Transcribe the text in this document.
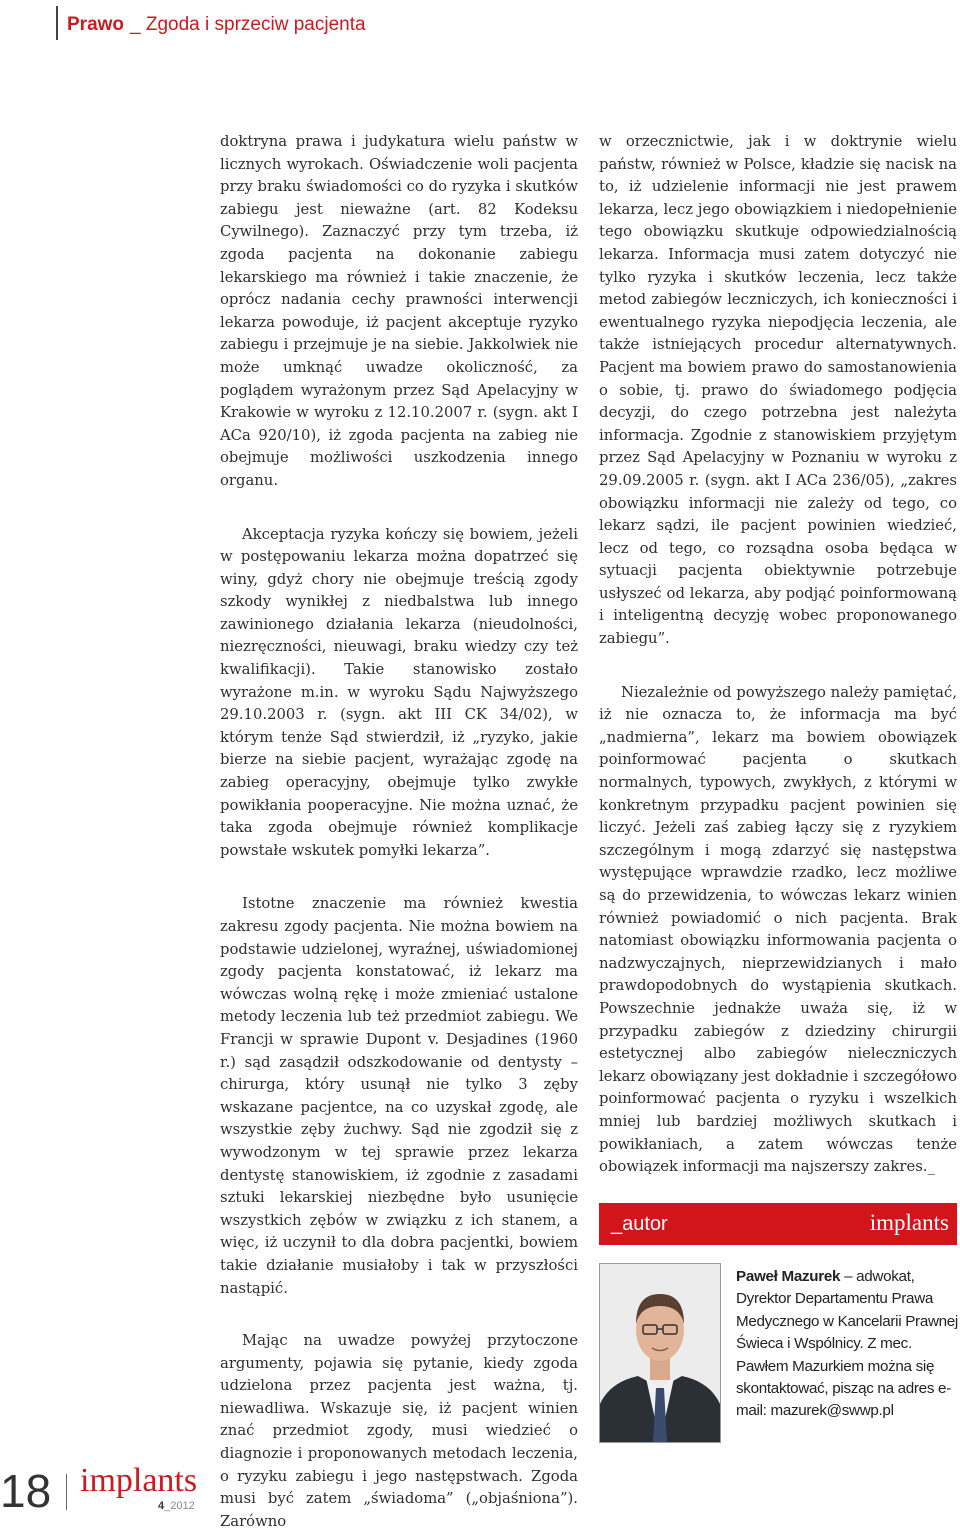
Prawo _ Zgoda i sprzeciw pacjenta

doktryna prawa i judykatura wielu państw w licznych wyrokach. Oświadczenie woli pacjenta przy braku świadomości co do ryzyka i skutków zabiegu jest nieważne (art. 82 Kodeksu Cywilnego). Zaznaczyć przy tym trzeba, iż zgoda pacjenta na dokonanie zabiegu lekarskiego ma również i takie znaczenie, że oprócz nadania cechy prawności interwencji lekarza powoduje, iż pacjent akceptuje ryzyko zabiegu i przejmuje je na siebie. Jakkolwiek nie może umknąć uwadze okoliczność, za poglądem wyrażonym przez Sąd Apelacyjny w Krakowie w wyroku z 12.10.2007 r. (sygn. akt I ACa 920/10), iż zgoda pacjenta na zabieg nie obejmuje możliwości uszkodzenia innego organu.

Akceptacja ryzyka kończy się bowiem, jeżeli w postępowaniu lekarza można dopatrzeć się winy, gdyż chory nie obejmuje treścią zgody szkody wynikłej z niedbalstwa lub innego zawinionego działania lekarza (nieudolności, niezręczności, nieuwagi, braku wiedzy czy też kwalifikacji). Takie stanowisko zostało wyrażone m.in. w wyroku Sądu Najwyższego 29.10.2003 r. (sygn. akt III CK 34/02), w którym tenże Sąd stwierdził, iż „ryzyko, jakie bierze na siebie pacjent, wyrażając zgodę na zabieg operacyjny, obejmuje tylko zwykłe powikłania pooperacyjne. Nie można uznać, że taka zgoda obejmuje również komplikacje powstałe wskutek pomyłki lekarza”.

Istotne znaczenie ma również kwestia zakresu zgody pacjenta. Nie można bowiem na podstawie udzielonej, wyraźnej, uświadomionej zgody pacjenta konstatować, iż lekarz ma wówczas wolną rękę i może zmieniać ustalone metody leczenia lub też przedmiot zabiegu. We Francji w sprawie Dupont v. Desjadines (1960 r.) sąd zasądził odszkodowanie od dentysty – chirurga, który usunął nie tylko 3 zęby wskazane pacjentce, na co uzyskał zgodę, ale wszystkie zęby żuchwy. Sąd nie zgodził się z wywodzonym w tej sprawie przez lekarza dentystę stanowiskiem, iż zgodnie z zasadami sztuki lekarskiej niezbędne było usunięcie wszystkich zębów w związku z ich stanem, a więc, iż uczynił to dla dobra pacjentki, bowiem takie działanie musiałoby i tak w przyszłości nastąpić.

Mając na uwadze powyżej przytoczone argumenty, pojawia się pytanie, kiedy zgoda udzielona przez pacjenta jest ważna, tj. niewadliwa. Wskazuje się, iż pacjent winien znać przedmiot zgody, musi wiedzieć o diagnozie i proponowanych metodach leczenia, o ryzyku zabiegu i jego następstwach. Zgoda musi być zatem „świadoma” („objaśniona”). Zarówno

w orzecznictwie, jak i w doktrynie wielu państw, również w Polsce, kładzie się nacisk na to, iż udzielenie informacji nie jest prawem lekarza, lecz jego obowiązkiem i niedopełnienie tego obowiązku skutkuje odpowiedzialnością lekarza. Informacja musi zatem dotyczyć nie tylko ryzyka i skutków leczenia, lecz także metod zabiegów leczniczych, ich konieczności i ewentualnego ryzyka niepodjęcia leczenia, ale także istniejących procedur alternatywnych. Pacjent ma bowiem prawo do samostanowienia o sobie, tj. prawo do świadomego podjęcia decyzji, do czego potrzebna jest należyta informacja. Zgodnie z stanowiskiem przyjętym przez Sąd Apelacyjny w Poznaniu w wyroku z 29.09.2005 r. (sygn. akt I ACa 236/05), „zakres obowiązku informacji nie zależy od tego, co lekarz sądzi, ile pacjent powinien wiedzieć, lecz od tego, co rozsądna osoba będąca w sytuacji pacjenta obiektywnie potrzebuje usłyszeć od lekarza, aby podjąć poinformowaną i inteligentną decyzję wobec proponowanego zabiegu”.

Niezależnie od powyższego należy pamiętać, iż nie oznacza to, że informacja ma być „nadmierna”, lekarz ma bowiem obowiązek poinformować pacjenta o skutkach normalnych, typowych, zwykłych, z którymi w konkretnym przypadku pacjent powinien się liczyć. Jeżeli zaś zabieg łączy się z ryzykiem szczególnym i mogą zdarzyć się następstwa występujące wprawdzie rzadko, lecz możliwe są do przewidzenia, to wówczas lekarz winien również powiadomić o nich pacjenta. Brak natomiast obowiązku informowania pacjenta o nadzwyczajnych, nieprzewidzianych i mało prawdopodobnych do wystąpienia skutkach. Powszechnie jednakże uważa się, iż w przypadku zabiegów z dziedziny chirurgii estetycznej albo zabiegów nieleczniczych lekarz obowiązany jest dokładnie i szczegółowo poinformować pacjenta o ryzyku i wszelkich mniej lub bardziej możliwych skutkach i powikłaniach, a zatem wówczas tenże obowiązek informacji ma najszerszy zakres._

_autor	implants
Paweł Mazurek – adwokat, Dyrektor Departamentu Prawa Medycznego w Kancelarii Prawnej Świeca i Wspólnicy. Z mec. Pawłem Mazurkiem można się skontaktować, pisząc na adres e-mail: mazurek@swwp.pl
18 implants
4_2012
